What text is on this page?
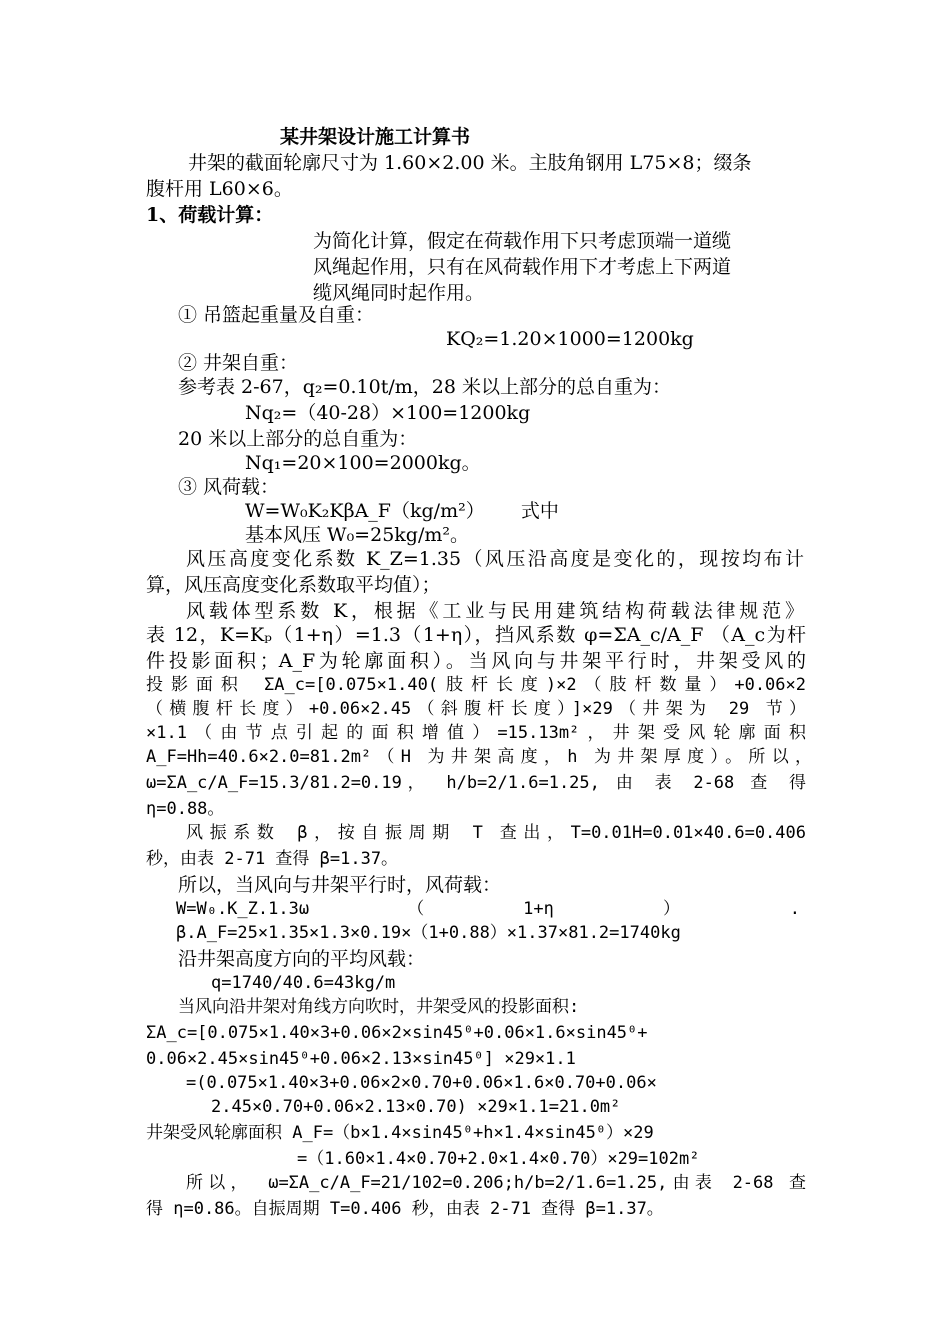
某井架设计施工计算书
井架的截面轮廓尺寸为 1.60×2.00 米。主肢角钢用 L75×8；缀条
腹杆用 L60×6。
1、荷载计算：
为简化计算，假定在荷载作用下只考虑顶端一道缆
风绳起作用，只有在风荷载作用下才考虑上下两道
缆风绳同时起作用。
① 吊篮起重量及自重：
KQ₂=1.20×1000=1200kg
② 井架自重：
参考表 2-67，q₂=0.10t/m，28 米以上部分的总自重为：
Nq₂=（40-28）×100=1200kg
20 米以上部分的总自重为：
Nq₁=20×100=2000kg。
③ 风荷载：
W=W₀K₂KβA_F（kg/m²）      式中
基本风压 W₀=25kg/m²。
风压高度变化系数 K_Z=1.35（风压沿高度是变化的，现按均布计
算，风压高度变化系数取平均值）；
风载体型系数 K，根据《工业与民用建筑结构荷载法律规范》
表 12，K=Kₚ（1+η）=1.3（1+η），挡风系数 φ=ΣA_c/A_F （A_c为杆
件投影面积；A_F为轮廓面积）。当风向与井架平行时，井架受风的
投影面积 ΣA_c=[0.075×1.40(肢杆长度)×2（肢杆数量）+0.06×2
（横腹杆长度）+0.06×2.45（斜腹杆长度）]×29（井架为 29 节）
×1.1（由节点引起的面积增值）=15.13m²，井架受风轮廓面积
A_F=Hh=40.6×2.0=81.2m²（H 为井架高度，h 为井架厚度）。所以，
ω=ΣA_c/A_F=15.3/81.2=0.19， h/b=2/1.6=1.25, 由 表 2-68 查 得
η=0.88。
风振系数 β，按自振周期 T 查出，T=0.01H=0.01×40.6=0.406
秒，由表 2-71 查得 β=1.37。
所以，当风向与井架平行时，风荷载：
W=W₀.K_Z.1.3ω         （         1+η          ）          .
β.A_F=25×1.35×1.3×0.19×（1+0.88）×1.37×81.2=1740kg
沿井架高度方向的平均风载：
q=1740/40.6=43kg/m
当风向沿井架对角线方向吹时，井架受风的投影面积:
ΣA_c=[0.075×1.40×3+0.06×2×sin45⁰+0.06×1.6×sin45⁰+
0.06×2.45×sin45⁰+0.06×2.13×sin45⁰] ×29×1.1
=(0.075×1.40×3+0.06×2×0.70+0.06×1.6×0.70+0.06×
2.45×0.70+0.06×2.13×0.70) ×29×1.1=21.0m²
井架受风轮廓面积 A_F=（b×1.4×sin45⁰+h×1.4×sin45⁰）×29
=（1.60×1.4×0.70+2.0×1.4×0.70）×29=102m²
所以， ω=ΣA_c/A_F=21/102=0.206;h/b=2/1.6=1.25,由表 2-68 查
得 η=0.86。自振周期 T=0.406 秒，由表 2-71 查得 β=1.37。
